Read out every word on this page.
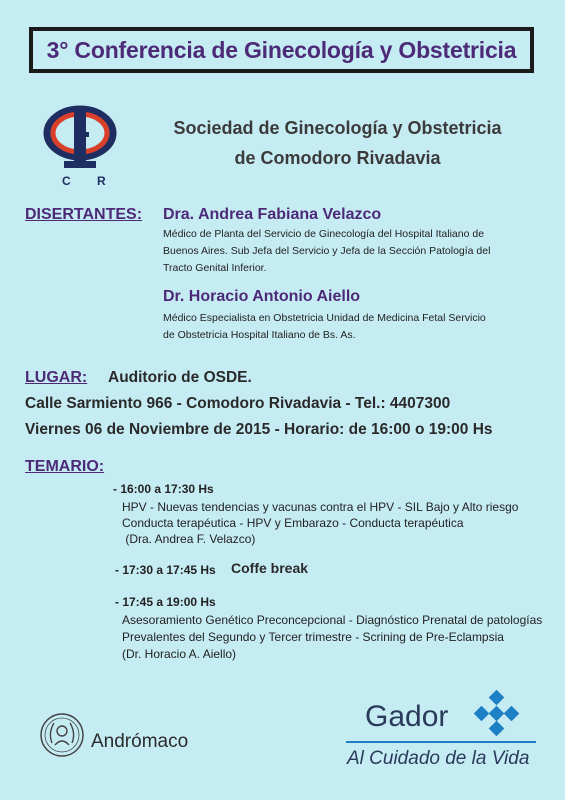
3° Conferencia de Ginecología y Obstetricia
C R
Sociedad de Ginecología y Obstetricia
de Comodoro Rivadavia
DISERTANTES: Dra. Andrea Fabiana Velazco
Médico de Planta del Servicio de Ginecología del Hospital Italiano de
Buenos Aires. Sub Jefa del Servicio y Jefa de la Sección Patología del
Tracto Genital Inferior.
Dr. Horacio Antonio Aiello
Médico Especialista en Obstetricia Unidad de Medicina Fetal Servicio
de Obstetricia Hospital Italiano de Bs. As.
LUGAR: Auditorio de OSDE.
Calle Sarmiento 966 - Comodoro Rivadavia - Tel.: 4407300
Viernes 06 de Noviembre de 2015 - Horario: de 16:00 o 19:00 Hs
TEMARIO:
- 16:00 a 17:30 Hs
HPV - Nuevas tendencias y vacunas contra el HPV - SIL Bajo y Alto riesgo
Conducta terapéutica - HPV y Embarazo - Conducta terapéutica
(Dra. Andrea F. Velazco)
- 17:30 a 17:45 Hs Coffe break
- 17:45 a 19:00 Hs
Asesoramiento Genético Preconcepcional - Diagnóstico Prenatal de patologías
Prevalentes del Segundo y Tercer trimestre - Scrining de Pre-Eclampsia
(Dr. Horacio A. Aiello)
Andrómaco
Gador
Al Cuidado de la Vida
